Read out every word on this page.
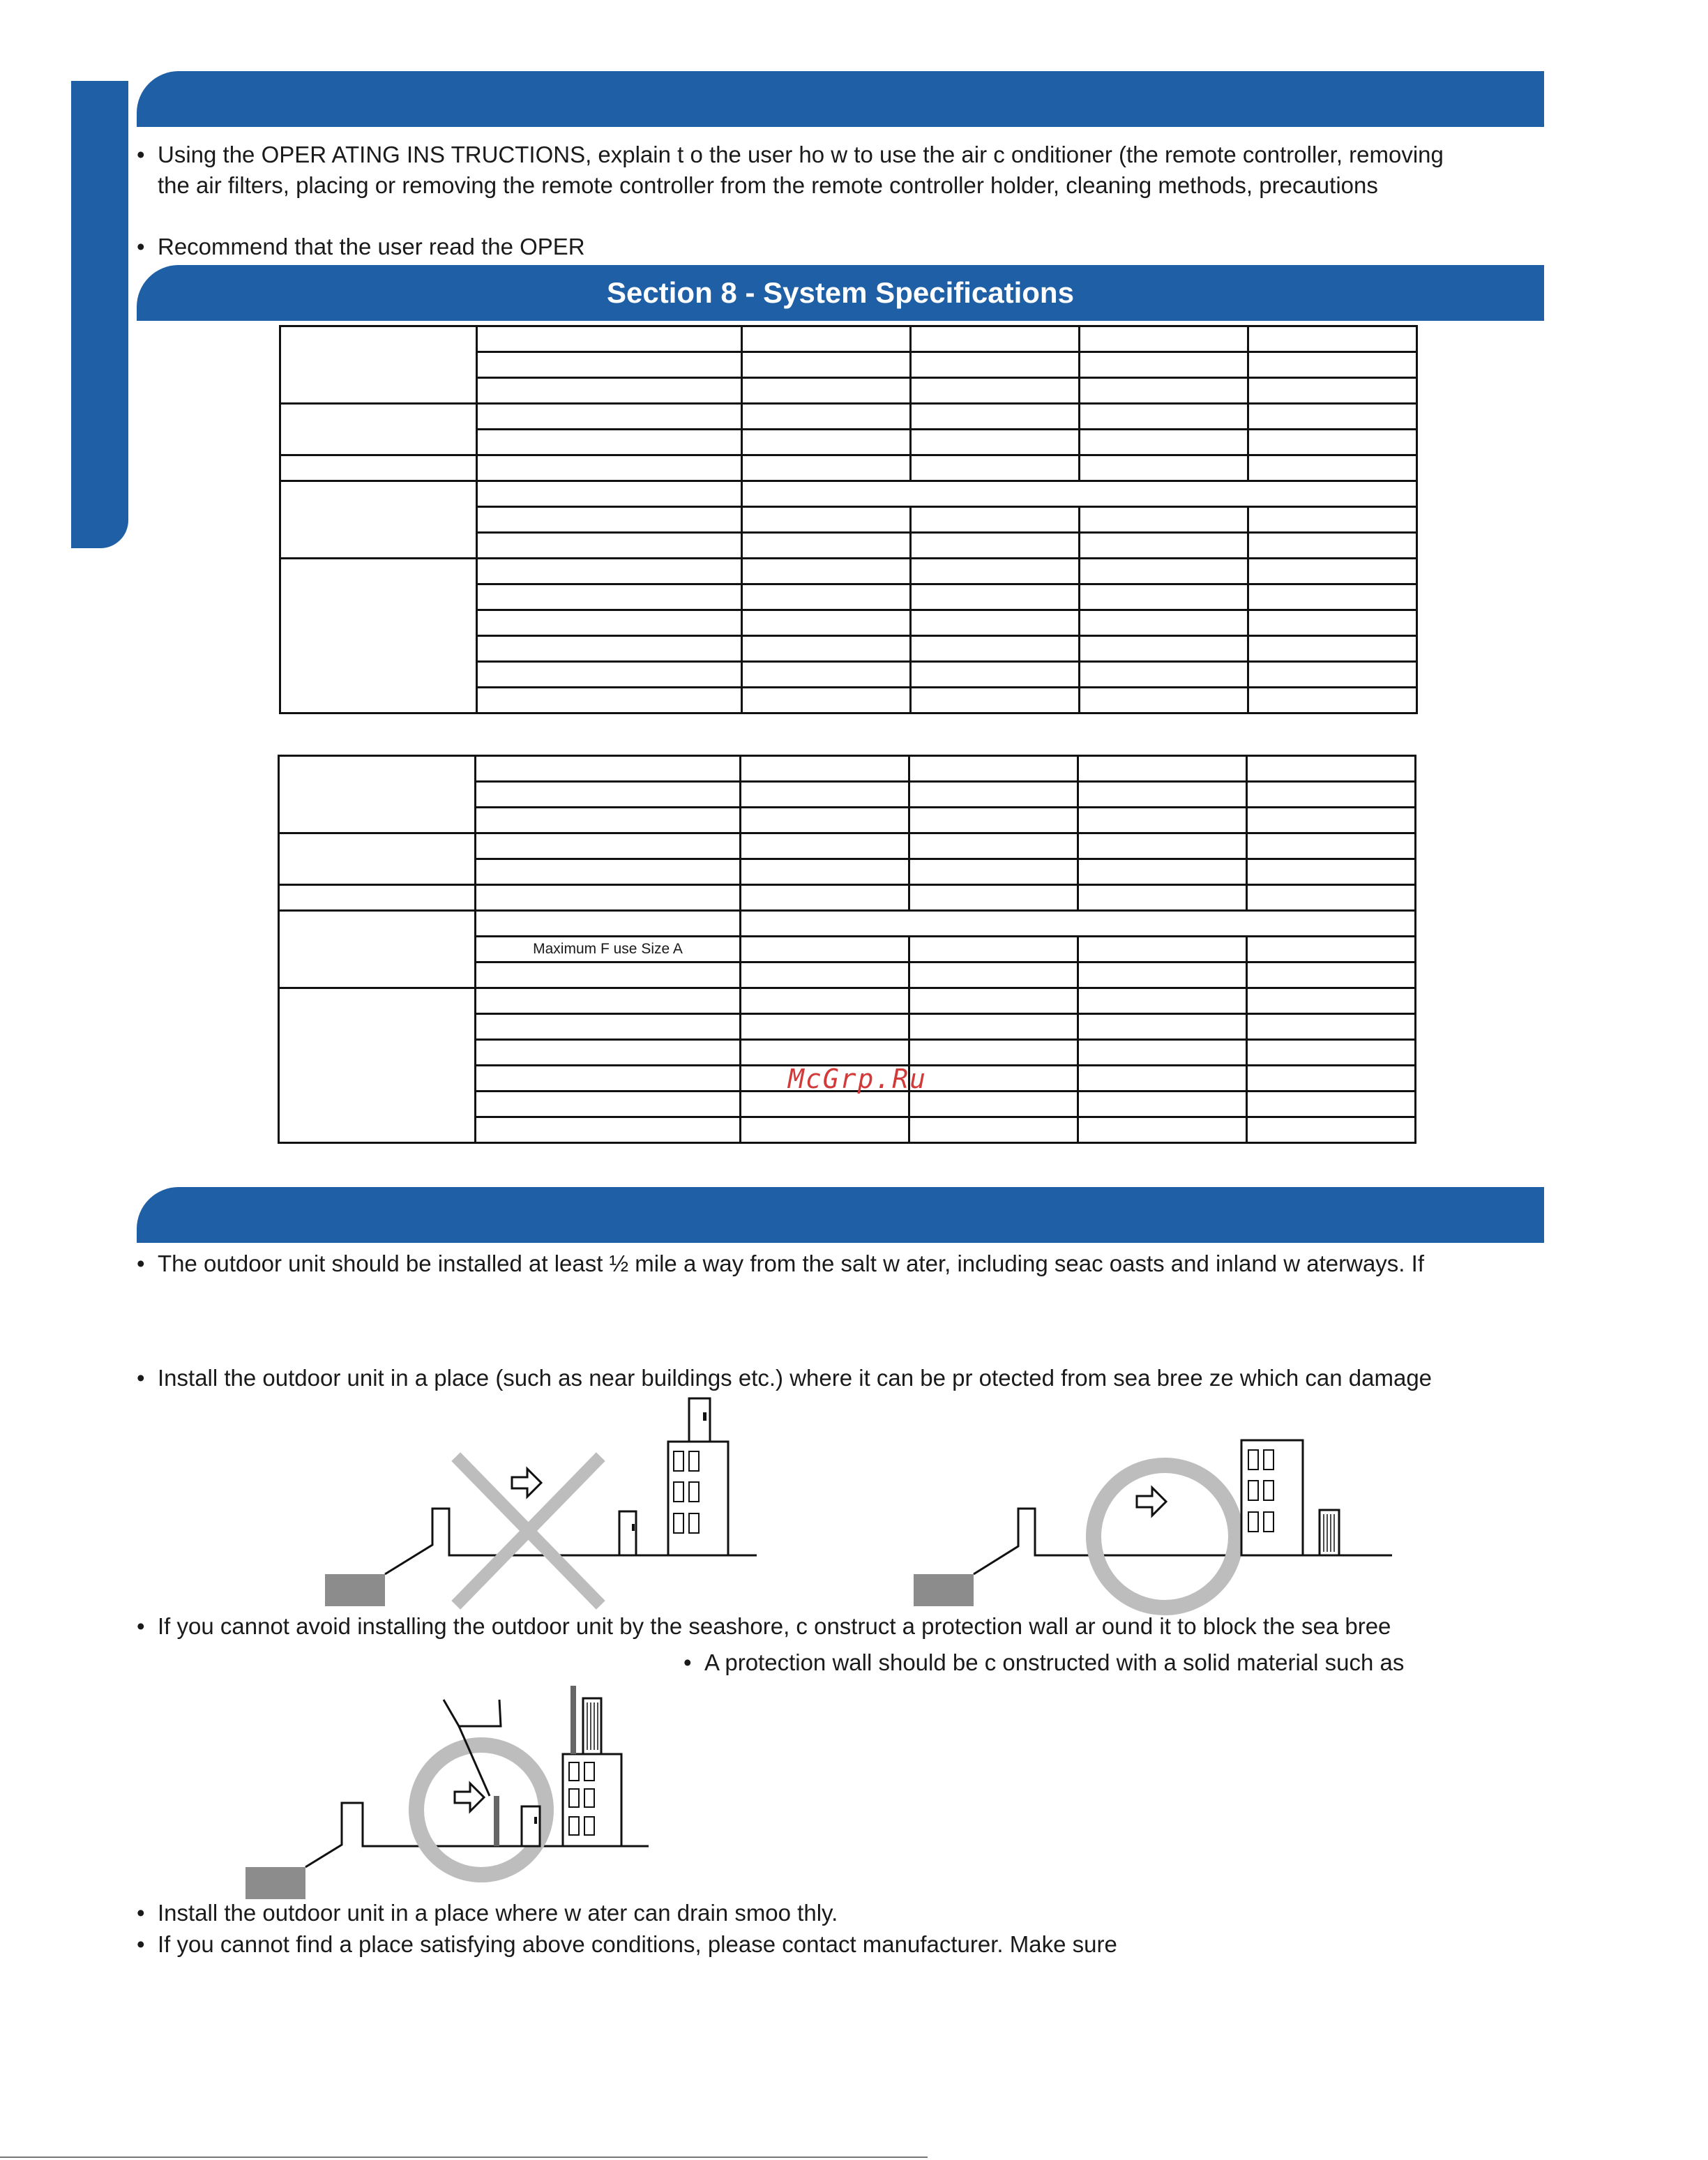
• Using the OPER ATING INS TRUCTIONS, explain t o the user ho w to use the air c onditioner (the remote controller, removing
the air filters, placing or removing the remote controller from the remote controller holder, cleaning methods, precautions
• Recommend that the user read the OPER
Section 8 - System Specifications

	Maximum F use Size A				

McGrp.Ru
• The outdoor unit should be installed at least ½ mile a way from the salt w ater, including seac oasts and inland w aterways. If
• Install the outdoor unit in a place (such as near buildings etc.) where it can be pr otected from sea bree ze which can damage
• If you cannot avoid installing the outdoor unit by the seashore, c onstruct a protection wall ar ound it to block the sea bree
• A protection wall should be c onstructed with a solid material such as
• Install the outdoor unit in a place where w ater can drain smoo thly.
• If you cannot find a place satisfying above conditions, please contact manufacturer. Make sure
